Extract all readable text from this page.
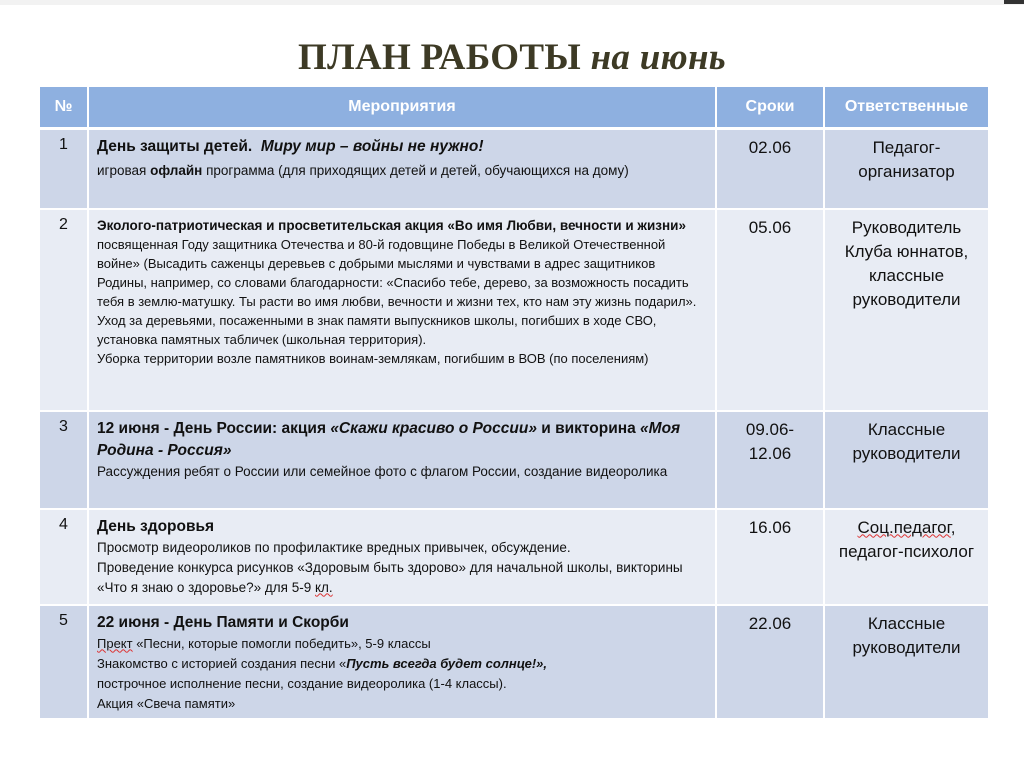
ПЛАН РАБОТЫ на июнь
№	Мероприятия	Сроки	Ответственные
1	День защиты детей. Миру мир – войны не нужно!
игровая офлайн программа (для приходящих детей и детей, обучающихся на дому)	02.06	Педагог-организатор
2	Эколого-патриотическая и просветительская акция «Во имя Любви, вечности и жизни» посвященная Году защитника Отечества и 80-й годовщине Победы в Великой Отечественной войне» (Высадить саженцы деревьев с добрыми мыслями и чувствами в адрес защитников Родины, например, со словами благодарности: «Спасибо тебе, дерево, за возможность посадить тебя в землю-матушку. Ты расти во имя любви, вечности и жизни тех, кто нам эту жизнь подарил». Уход за деревьями, посаженными в знак памяти выпускников школы, погибших в ходе СВО, установка памятных табличек (школьная территория).
Уборка территории возле памятников воинам-землякам, погибшим в ВОВ (по поселениям)	05.06	Руководитель Клуба юннатов, классные руководители
3	12 июня - День России: акция «Скажи красиво о России» и викторина «Моя Родина - Россия»
Рассуждения ребят о России или семейное фото с флагом России, создание видеоролика	09.06-12.06	Классные руководители
4	День здоровья
Просмотр видеороликов по профилактике вредных привычек, обсуждение.
Проведение конкурса рисунков «Здоровым быть здорово» для начальной школы, викторины «Что я знаю о здоровье?» для 5-9 кл.	16.06	Соц.педагог, педагог-психолог
5	22 июня - День Памяти и Скорби
Прект «Песни, которые помогли победить», 5-9 классы
Знакомство с историей создания песни «Пусть всегда будет солнце!»,
построчное исполнение песни, создание видеоролика (1-4 классы).
Акция «Свеча памяти»	22.06	Классные руководители
